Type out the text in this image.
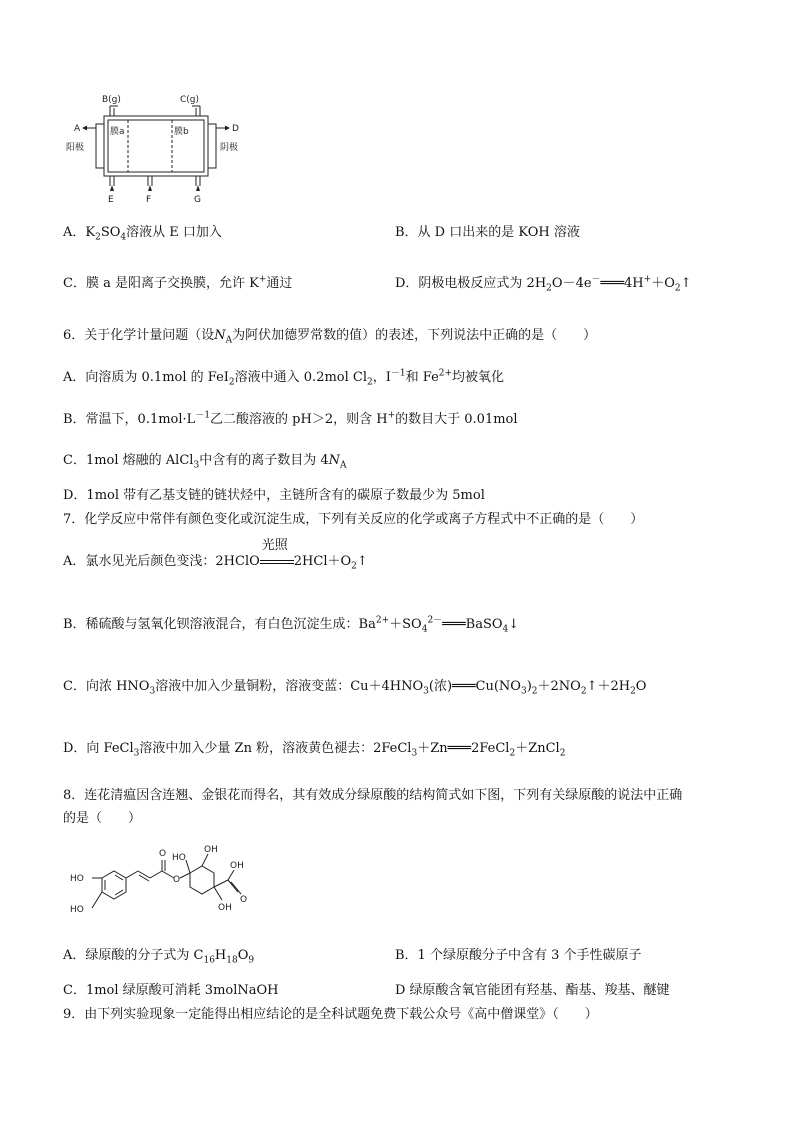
B(g)	C(g)
A	D
阳极	阴极
膜a	膜b
E	F	G
A．$K_2SO_4$溶液从 E 口加入	B．从 D 口出来的是 KOH 溶液
C．膜 a 是阳离子交换膜，允许 K+通过	D．阴极电极反应式为 $2H_2O-4e^-═══4H^++O_2↑$
6．关于化学计量问题（设$N_A$为阿伏加德罗常数的值）的表述，下列说法中正确的是（　　）
A．向溶质为 0.1mol 的 FeI$_2$溶液中通入 0.2mol $Cl_2$，$I^{-1}$和 $Fe^{2+}$均被氧化
B．常温下，$0.1mol\cdot L^{-1}$乙二酸溶液的 pH＞2，则含 H+的数目大于 0.01mol
C．1mol 熔融的 AlCl$_3$中含有的离子数目为 $4N_A$
D．1mol 带有乙基支链的链状烃中，主链所含有的碳原子数最少为 5mol
7．化学反应中常伴有颜色变化或沉淀生成，下列有关反应的化学或离子方程式中不正确的是（　　）
A．氯水见光后颜色变浅：2HClO
光照
$2HCl+O_2↑$
B．稀硫酸与氢氧化钡溶液混合，有白色沉淀生成：$Ba^{2+}+SO_4^{2-}═══BaSO_4↓$
C．向浓 $HNO_3$溶液中加入少量铜粉，溶液变蓝：$Cu+4HNO_3$(浓)$═══Cu(NO_3)_2+2NO_2↑+2H_2O$
D．向 FeCl$_3$溶液中加入少量 Zn 粉，溶液黄色褪去：2FeCl$_3$＋Zn═══2FeCl$_2$＋ZnCl$_2$
8．连花清瘟因含连翘、金银花而得名，其有效成分绿原酸的结构简式如下图，下列有关绿原酸的说法中正确
的是（　　）
HO
OH
HO
HO
O
O
OH
O
OH
A．绿原酸的分子式为 $C_{16}H_{18}O_9$	B．1 个绿原酸分子中含有 3 个手性碳原子
C．1mol 绿原酸可消耗 3molNaOH	D 绿原酸含氧官能团有羟基、酯基、羧基、醚键
9．由下列实验现象一定能得出相应结论的是全科试题免费下载公众号《高中僧课堂》（　　）
